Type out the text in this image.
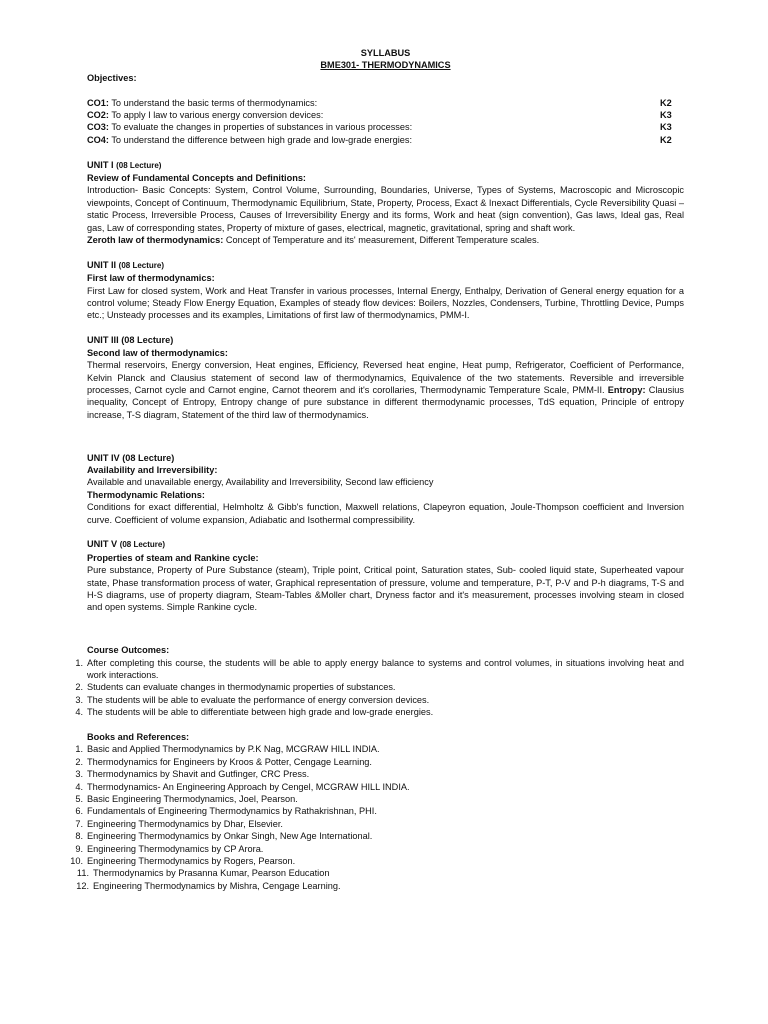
SYLLABUS
BME301- THERMODYNAMICS
Objectives:
CO1: To understand the basic terms of thermodynamics:	K2
CO2: To apply I law to various energy conversion devices:	K3
CO3: To evaluate the changes in properties of substances in various processes:	K3
CO4: To understand the difference between high grade and low-grade energies:	K2
UNIT I (08 Lecture)
Review of Fundamental Concepts and Definitions:
Introduction- Basic Concepts: System, Control Volume, Surrounding, Boundaries, Universe, Types of Systems, Macroscopic and Microscopic viewpoints, Concept of Continuum, Thermodynamic Equilibrium, State, Property, Process, Exact & Inexact Differentials, Cycle Reversibility Quasi – static Process, Irreversible Process, Causes of Irreversibility Energy and its forms, Work and heat (sign convention), Gas laws, Ideal gas, Real gas, Law of corresponding states, Property of mixture of gases, electrical, magnetic, gravitational, spring and shaft work.
Zeroth law of thermodynamics: Concept of Temperature and its' measurement, Different Temperature scales.
UNIT II (08 Lecture)
First law of thermodynamics:
First Law for closed system, Work and Heat Transfer in various processes, Internal Energy, Enthalpy, Derivation of General energy equation for a control volume; Steady Flow Energy Equation, Examples of steady flow devices: Boilers, Nozzles, Condensers, Turbine, Throttling Device, Pumps etc.; Unsteady processes and its examples, Limitations of first law of thermodynamics, PMM-I.
UNIT III (08 Lecture)
Second law of thermodynamics:
Thermal reservoirs, Energy conversion, Heat engines, Efficiency, Reversed heat engine, Heat pump, Refrigerator, Coefficient of Performance, Kelvin Planck and Clausius statement of second law of thermodynamics, Equivalence of the two statements. Reversible and irreversible processes, Carnot cycle and Carnot engine, Carnot theorem and it's corollaries, Thermodynamic Temperature Scale, PMM-II. Entropy: Clausius inequality, Concept of Entropy, Entropy change of pure substance in different thermodynamic processes, TdS equation, Principle of entropy increase, T-S diagram, Statement of the third law of thermodynamics.
UNIT IV (08 Lecture)
Availability and Irreversibility:
Available and unavailable energy, Availability and Irreversibility, Second law efficiency
Thermodynamic Relations:
Conditions for exact differential, Helmholtz & Gibb's function, Maxwell relations, Clapeyron equation, Joule-Thompson coefficient and Inversion curve. Coefficient of volume expansion, Adiabatic and Isothermal compressibility.
UNIT V (08 Lecture)
Properties of steam and Rankine cycle:
Pure substance, Property of Pure Substance (steam), Triple point, Critical point, Saturation states, Sub- cooled liquid state, Superheated vapour state, Phase transformation process of water, Graphical representation of pressure, volume and temperature, P-T, P-V and P-h diagrams, T-S and H-S diagrams, use of property diagram, Steam-Tables &Moller chart, Dryness factor and it's measurement, processes involving steam in closed and open systems. Simple Rankine cycle.
Course Outcomes:
1. After completing this course, the students will be able to apply energy balance to systems and control volumes, in situations involving heat and work interactions.
2. Students can evaluate changes in thermodynamic properties of substances.
3. The students will be able to evaluate the performance of energy conversion devices.
4. The students will be able to differentiate between high grade and low-grade energies.
Books and References:
1. Basic and Applied Thermodynamics by P.K Nag, MCGRAW HILL INDIA.
2. Thermodynamics for Engineers by Kroos & Potter, Cengage Learning.
3. Thermodynamics by Shavit and Gutfinger, CRC Press.
4. Thermodynamics- An Engineering Approach by Cengel, MCGRAW HILL INDIA.
5. Basic Engineering Thermodynamics, Joel, Pearson.
6. Fundamentals of Engineering Thermodynamics by Rathakrishnan, PHI.
7. Engineering Thermodynamics by Dhar, Elsevier.
8. Engineering Thermodynamics by Onkar Singh, New Age International.
9. Engineering Thermodynamics by CP Arora.
10. Engineering Thermodynamics by Rogers, Pearson.
11. Thermodynamics by Prasanna Kumar, Pearson Education
12. Engineering Thermodynamics by Mishra, Cengage Learning.
